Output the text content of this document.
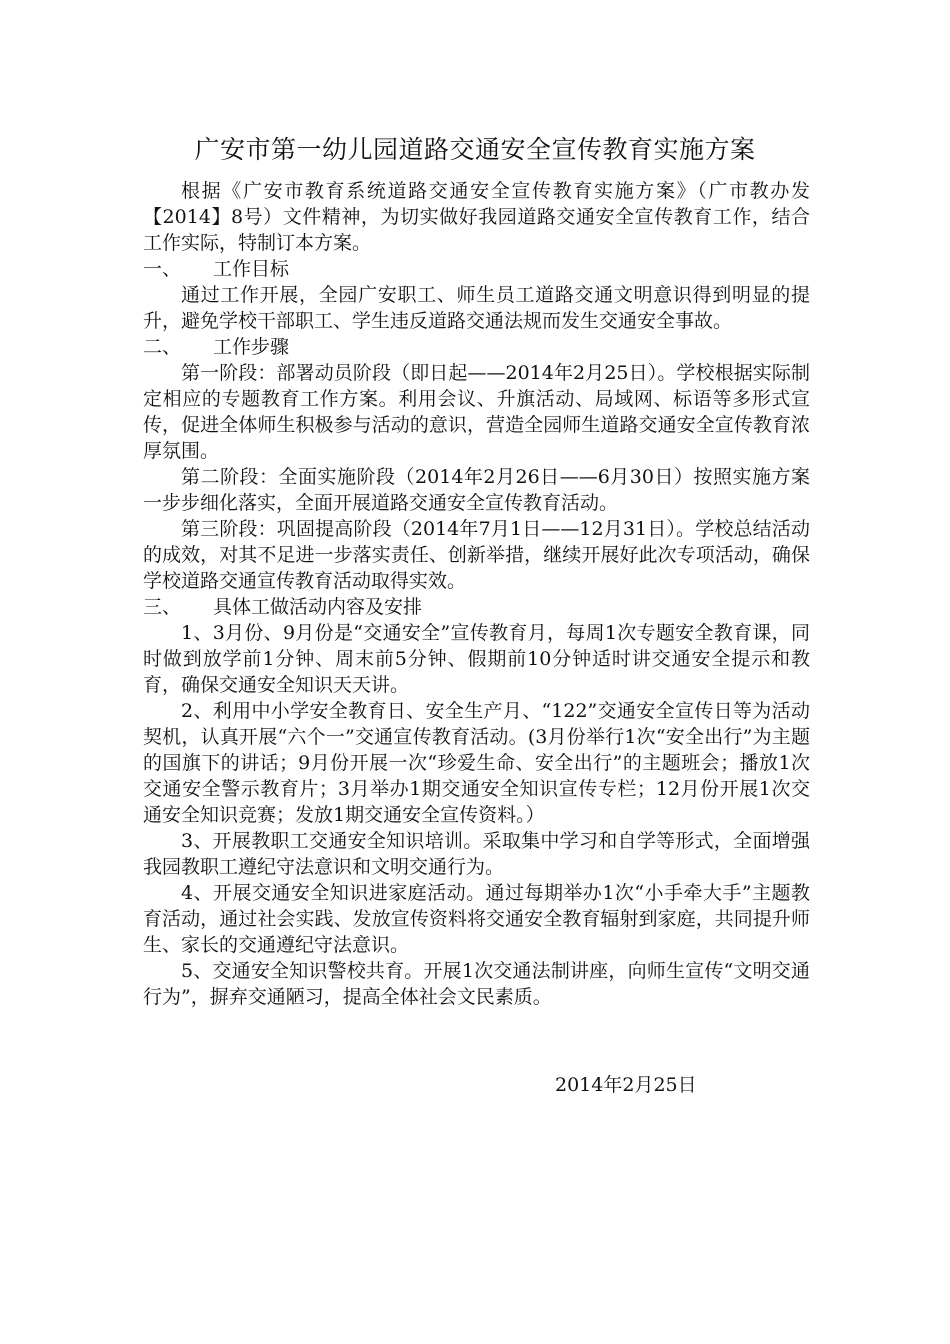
广安市第一幼儿园道路交通安全宣传教育实施方案

根据《广安市教育系统道路交通安全宣传教育实施方案》（广市教办发【2014】8号）文件精神，为切实做好我园道路交通安全宣传教育工作，结合工作实际，特制订本方案。

一、 工作目标

通过工作开展，全园广安职工、师生员工道路交通文明意识得到明显的提升，避免学校干部职工、学生违反道路交通法规而发生交通安全事故。

二、 工作步骤

第一阶段：部署动员阶段（即日起——2014年2月25日）。学校根据实际制定相应的专题教育工作方案。利用会议、升旗活动、局域网、标语等多形式宣传，促进全体师生积极参与活动的意识，营造全园师生道路交通安全宣传教育浓厚氛围。

第二阶段：全面实施阶段（2014年2月26日——6月30日）按照实施方案一步步细化落实，全面开展道路交通安全宣传教育活动。

第三阶段：巩固提高阶段（2014年7月1日——12月31日）。学校总结活动的成效，对其不足进一步落实责任、创新举措，继续开展好此次专项活动，确保学校道路交通宣传教育活动取得实效。

三、 具体工做活动内容及安排

1、3月份、9月份是“交通安全”宣传教育月，每周1次专题安全教育课，同时做到放学前1分钟、周末前5分钟、假期前10分钟适时讲交通安全提示和教育，确保交通安全知识天天讲。

2、利用中小学安全教育日、安全生产月、“122”交通安全宣传日等为活动契机，认真开展“六个一”交通宣传教育活动。(3月份举行1次“安全出行”为主题的国旗下的讲话；9月份开展一次“珍爱生命、安全出行”的主题班会；播放1次交通安全警示教育片；3月举办1期交通安全知识宣传专栏；12月份开展1次交通安全知识竞赛；发放1期交通安全宣传资料。）

3、开展教职工交通安全知识培训。采取集中学习和自学等形式，全面增强我园教职工遵纪守法意识和文明交通行为。

4、开展交通安全知识进家庭活动。通过每期举办1次“小手牵大手”主题教育活动，通过社会实践、发放宣传资料将交通安全教育辐射到家庭，共同提升师生、家长的交通遵纪守法意识。

5、交通安全知识警校共育。开展1次交通法制讲座，向师生宣传“文明交通行为”，摒弃交通陋习，提高全体社会文民素质。

2014年2月25日
